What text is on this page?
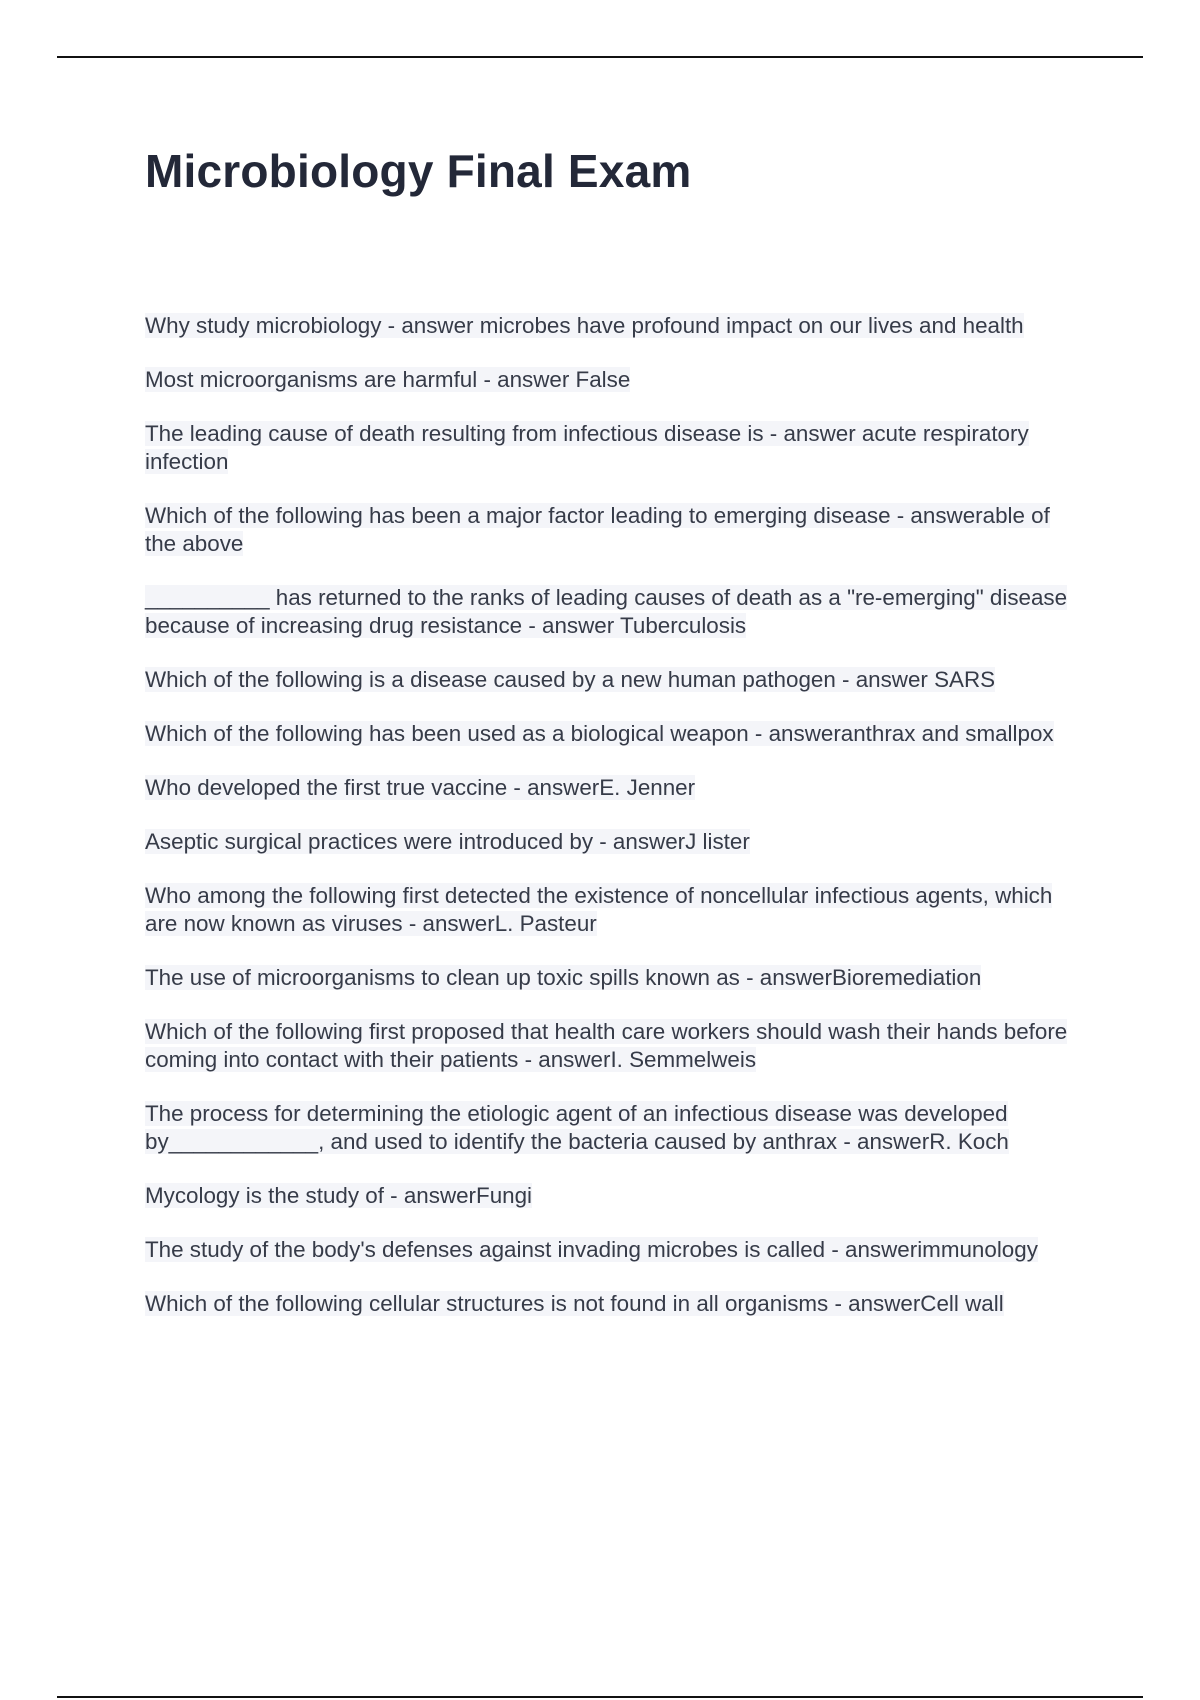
Microbiology Final Exam

Why study microbiology - answer microbes have profound impact on our lives and health

Most microorganisms are harmful - answer False

The leading cause of death resulting from infectious disease is - answer acute respiratory infection

Which of the following has been a major factor leading to emerging disease - answerable of the above

__________ has returned to the ranks of leading causes of death as a "re-emerging" disease because of increasing drug resistance - answer Tuberculosis

Which of the following is a disease caused by a new human pathogen - answer SARS

Which of the following has been used as a biological weapon - answeranthrax and smallpox

Who developed the first true vaccine - answerE. Jenner

Aseptic surgical practices were introduced by - answerJ lister

Who among the following first detected the existence of noncellular infectious agents, which are now known as viruses - answerL. Pasteur

The use of microorganisms to clean up toxic spills known as - answerBioremediation

Which of the following first proposed that health care workers should wash their hands before coming into contact with their patients - answerI. Semmelweis

The process for determining the etiologic agent of an infectious disease was developed by____________, and used to identify the bacteria caused by anthrax - answerR. Koch

Mycology is the study of - answerFungi

The study of the body's defenses against invading microbes is called - answerimmunology

Which of the following cellular structures is not found in all organisms - answerCell wall
